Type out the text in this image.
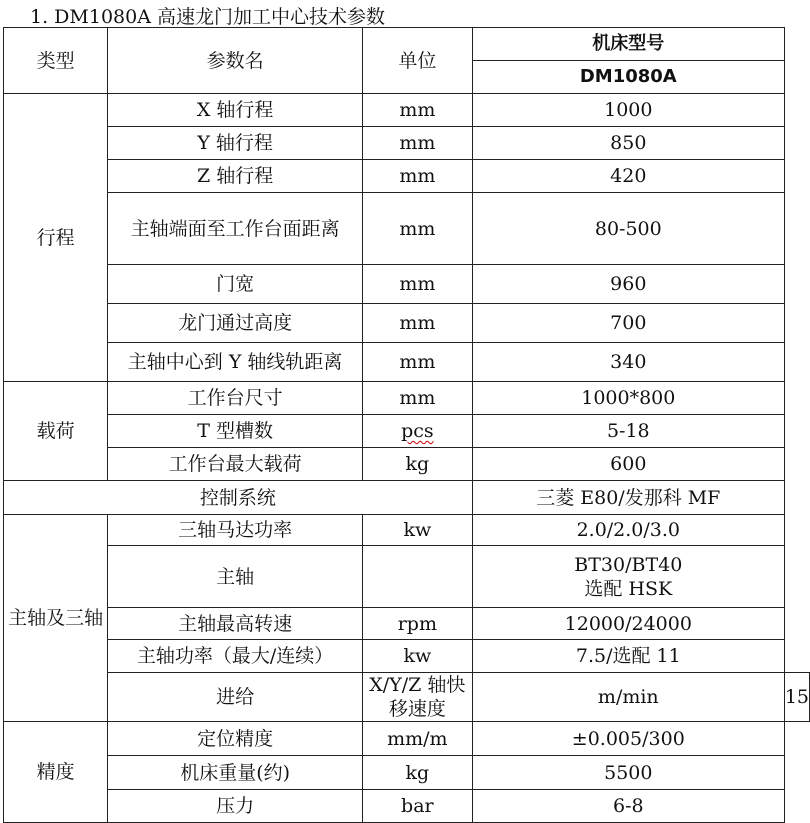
1. DM1080A 高速龙门加工中心技术参数
类型	参数名	单位	机床型号	
			DM1080A	
行程	X 轴行程	mm	1000	
	Y 轴行程	mm	850	
	Z 轴行程	mm	420	
	主轴端面至工作台面距离	mm	80-500	
	门宽	mm	960	
	龙门通过高度	mm	700	
	主轴中心到 Y 轴线轨距离	mm	340	
载荷	工作台尺寸	mm	1000*800	
	T 型槽数	pcs	5-18	
	工作台最大载荷	kg	600	
控制系统			三菱 E80/发那科 MF	
主轴及三轴	三轴马达功率	kw	2.0/2.0/3.0	
	主轴		BT30/BT40
选配 HSK	

	主轴最高转速	rpm	12000/24000	
	主轴功率（最大/连续）	kw	7.5/选配 11	
	进给	X/Y/Z 轴快移速度	m/min	15
精度	定位精度	mm/m	±0.005/300	
	机床重量(约)	kg	5500	
	压力	bar	6-8	
